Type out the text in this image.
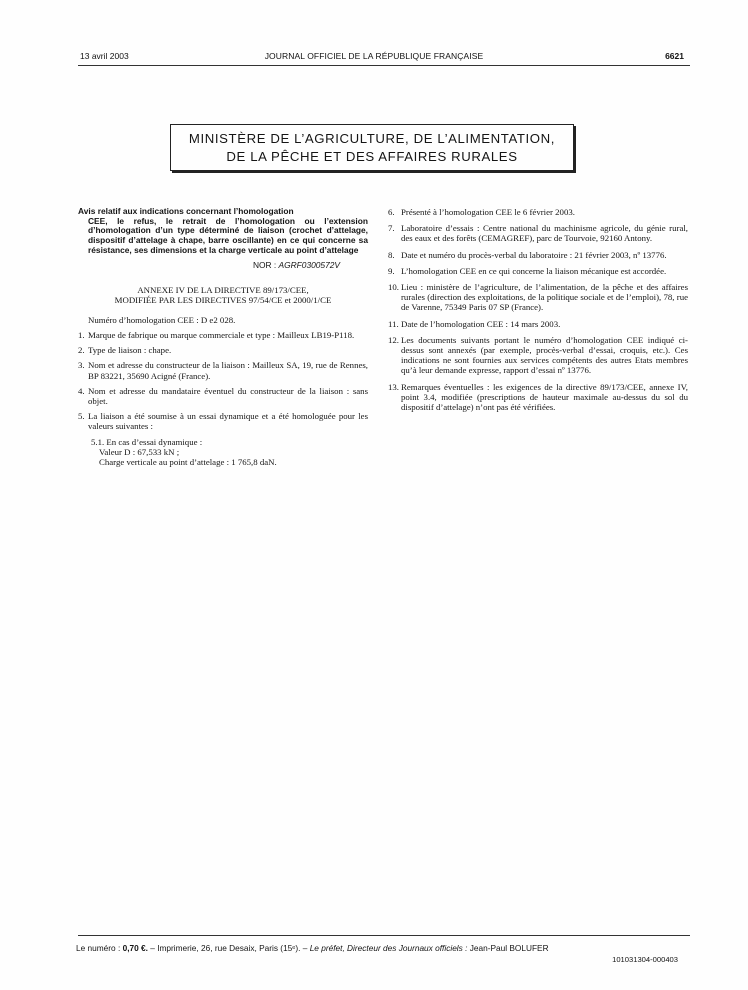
13 avril 2003	JOURNAL OFFICIEL DE LA RÉPUBLIQUE FRANÇAISE	6621
MINISTÈRE DE L’AGRICULTURE, DE L’ALIMENTATION,
DE LA PÊCHE ET DES AFFAIRES RURALES
Avis relatif aux indications concernant l’homologation
CEE, le refus, le retrait de l’homologation ou l’extension d’homologation d’un type déterminé de liaison (crochet d’attelage, dispositif d’attelage à chape, barre oscillante) en ce qui concerne sa résistance, ses dimensions et la charge verticale au point d’attelage
NOR : AGRF0300572V
ANNEXE IV DE LA DIRECTIVE 89/173/CEE,
MODIFIÉE PAR LES DIRECTIVES 97/54/CE et 2000/1/CE
Numéro d’homologation CEE : D e2 028.
1. Marque de fabrique ou marque commerciale et type : Mailleux LB19-P118.
2. Type de liaison : chape.
3. Nom et adresse du constructeur de la liaison : Mailleux SA, 19, rue de Rennes, BP 83221, 35690 Acigné (France).
4. Nom et adresse du mandataire éventuel du constructeur de la liaison : sans objet.
5. La liaison a été soumise à un essai dynamique et a été homologuée pour les valeurs suivantes :
5.1. En cas d’essai dynamique :
Valeur D : 67,533 kN ;
Charge verticale au point d’attelage : 1 765,8 daN.
6. Présenté à l’homologation CEE le 6 février 2003.
7. Laboratoire d’essais : Centre national du machinisme agricole, du génie rural, des eaux et des forêts (CEMAGREF), parc de Tourvoie, 92160 Antony.
8. Date et numéro du procès-verbal du laboratoire : 21 février 2003, nº 13776.
9. L’homologation CEE en ce qui concerne la liaison mécanique est accordée.
10. Lieu : ministère de l’agriculture, de l’alimentation, de la pêche et des affaires rurales (direction des exploitations, de la politique sociale et de l’emploi), 78, rue de Varenne, 75349 Paris 07 SP (France).
11. Date de l’homologation CEE : 14 mars 2003.
12. Les documents suivants portant le numéro d’homologation CEE indiqué ci-dessus sont annexés (par exemple, procès-verbal d’essai, croquis, etc.). Ces indications ne sont fournies aux services compétents des autres Etats membres qu’à leur demande expresse, rapport d’essai nº 13776.
13. Remarques éventuelles : les exigences de la directive 89/173/CEE, annexe IV, point 3.4, modifiée (prescriptions de hauteur maximale au-dessus du sol du dispositif d’attelage) n’ont pas été vérifiées.
Le numéro : 0,70 €. – Imprimerie, 26, rue Desaix, Paris (15ᵉ). – Le préfet, Directeur des Journaux officiels : Jean-Paul BOLUFER
101031304-000403
